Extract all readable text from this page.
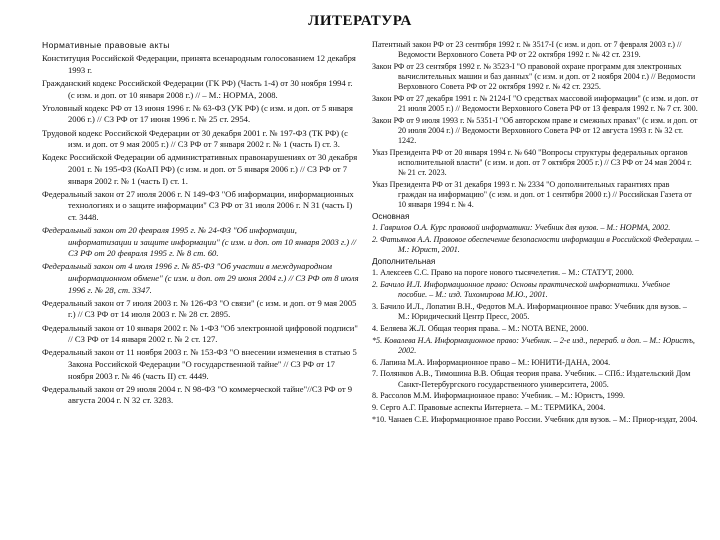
ЛИТЕРАТУРА
Нормативные правовые акты
Конституция Российской Федерации, принята всенародным голосованием 12 декабря 1993 г.
Гражданский кодекс Российской Федерации (ГК РФ) (Часть 1-4) от 30 ноября 1994 г. (с изм. и доп. от 10 января 2008 г.) // – М.: НОРМА, 2008.
Уголовный кодекс РФ от 13 июня 1996 г. № 63-ФЗ (УК РФ) (с изм. и доп. от 5 января 2006 г.) // СЗ РФ от 17 июня 1996 г. № 25 ст. 2954.
Трудовой кодекс Российской Федерации от 30 декабря 2001 г. № 197-ФЗ (ТК РФ) (с изм. и доп. от 9 мая 2005 г.) // СЗ РФ от 7 января 2002 г. № 1 (часть I) ст. 3.
Кодекс Российской Федерации об административных правонарушениях от 30 декабря 2001 г. № 195-ФЗ (КоАП РФ) (с изм. и доп. от 5 января 2006 г.) // СЗ РФ от 7 января 2002 г. № 1 (часть I) ст. 1.
Федеральный закон от 27 июля 2006 г. N 149-ФЗ "Об информации, информационных технологиях и о защите информации" СЗ РФ от 31 июля 2006 г. N 31 (часть I) ст. 3448.
Федеральный закон от 20 февраля 1995 г. № 24-ФЗ "Об информации, информатизации и защите информации" (с изм. и доп. от 10 января 2003 г.) // СЗ РФ от 20 февраля 1995 г. № 8 ст. 60.
Федеральный закон от 4 июля 1996 г. № 85-ФЗ "Об участии в международном информационном обмене" (с изм. и доп. от 29 июня 2004 г.) // СЗ РФ от 8 июля 1996 г. № 28, ст. 3347.
Федеральный закон от 7 июля 2003 г. № 126-ФЗ "О связи" (с изм. и доп. от 9 мая 2005 г.) // СЗ РФ от 14 июля 2003 г. № 28 ст. 2895.
Федеральный закон от 10 января 2002 г. № 1-ФЗ "Об электронной цифровой подписи" // СЗ РФ от 14 января 2002 г. № 2 ст. 127.
Федеральный закон от 11 ноября 2003 г. № 153-ФЗ "О внесении изменения в статью 5 Закона Российской Федерации "О государственной тайне" // СЗ РФ от 17 ноября 2003 г. № 46 (часть II) ст. 4449.
Федеральный закон от 29 июля 2004 г. N 98-ФЗ "О коммерческой тайне"//СЗ РФ от 9 августа 2004 г. N 32 ст. 3283.
Патентный закон РФ от 23 сентября 1992 г. № 3517-I (с изм. и доп. от 7 февраля 2003 г.) // Ведомости Верховного Совета РФ от 22 октября 1992 г. № 42 ст. 2319.
Закон РФ от 23 сентября 1992 г. № 3523-I "О правовой охране программ для электронных вычислительных машин и баз данных" (с изм. и доп. от 2 ноября 2004 г.) // Ведомости Верховного Совета РФ от 22 октября 1992 г. № 42 ст. 2325.
Закон РФ от 27 декабря 1991 г. № 2124-I "О средствах массовой информации" (с изм. и доп. от 21 июля 2005 г.) // Ведомости Верховного Совета РФ от 13 февраля 1992 г. № 7 ст. 300.
Закон РФ от 9 июля 1993 г. № 5351-I "Об авторском праве и смежных правах" (с изм. и доп. от 20 июля 2004 г.) // Ведомости Верховного Совета РФ от 12 августа 1993 г. № 32 ст. 1242.
Указ Президента РФ от 20 января 1994 г. № 640 "Вопросы структуры федеральных органов исполнительной власти" (с изм. и доп. от 7 октября 2005 г.) // СЗ РФ от 24 мая 2004 г. № 21 ст. 2023.
Указ Президента РФ от 31 декабря 1993 г. № 2334 "О дополнительных гарантиях прав граждан на информацию" (с изм. и доп. от 1 сентября 2000 г.) // Российская Газета от 10 января 1994 г. № 4.
Основная
1. Гаврилов О.А. Курс правовой информатики: Учебник для вузов. – М.: НОРМА, 2002.
2. Фатьянов А.А. Правовое обеспечение безопасности информации в Российской Федерации. – М.: Юрист, 2001.
Дополнительная
1. Алексеев С.С. Право на пороге нового тысячелетия. – М.: СТАТУТ, 2000.
2. Бачило И.Л. Информационное право: Основы практической информатики. Учебное пособие. – М.: изд. Тихомирова М.Ю., 2001.
3. Бачило И.Л., Лопатин В.Н., Федотов М.А. Информационное право: Учебник для вузов. – М.: Юридический Центр Пресс, 2005.
4. Беляева Ж.Л. Общая теория права. – М.: NOTA BENE, 2000.
*5. Ковалева Н.А. Информационное право: Учебник. – 2-е изд., перераб. и доп. – М.: Юристъ, 2002.
6. Лапина М.А. Информационное право – М.: ЮНИТИ-ДАНА, 2004.
7. Полянков А.В., Тимошина В.В. Общая теория права. Учебник. – СПб.: Издательский Дом Санкт-Петербургского государственного университета, 2005.
8. Рассолов М.М. Информационное право: Учебник. – М.: Юристъ, 1999.
9. Серго А.Г. Правовые аспекты Интернета. – М.: ТЕРМИКА, 2004.
*10. Чанаев С.Е. Информационное право России. Учебник для вузов. – М.: Приор-издат, 2004.
